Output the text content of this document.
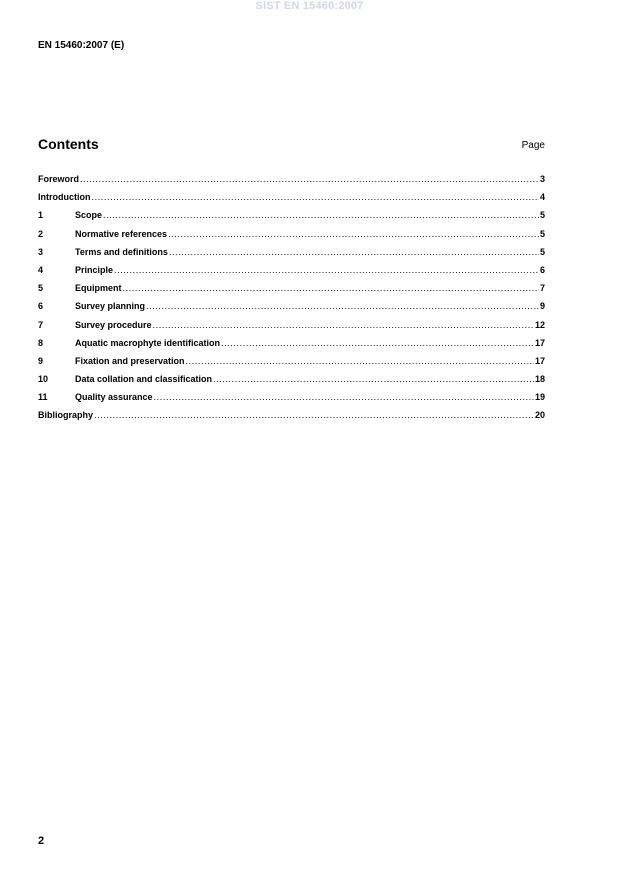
SIST EN 15460:2007
EN 15460:2007 (E)
Contents	Page
Foreword .....	3
Introduction .....	4
1	Scope .....	5
2	Normative references .....	5
3	Terms and definitions .....	5
4	Principle .....	6
5	Equipment .....	7
6	Survey planning .....	9
7	Survey procedure .....	12
8	Aquatic macrophyte identification .....	17
9	Fixation and preservation .....	17
10	Data collation and classification .....	18
11	Quality assurance .....	19
Bibliography .....	20
2
